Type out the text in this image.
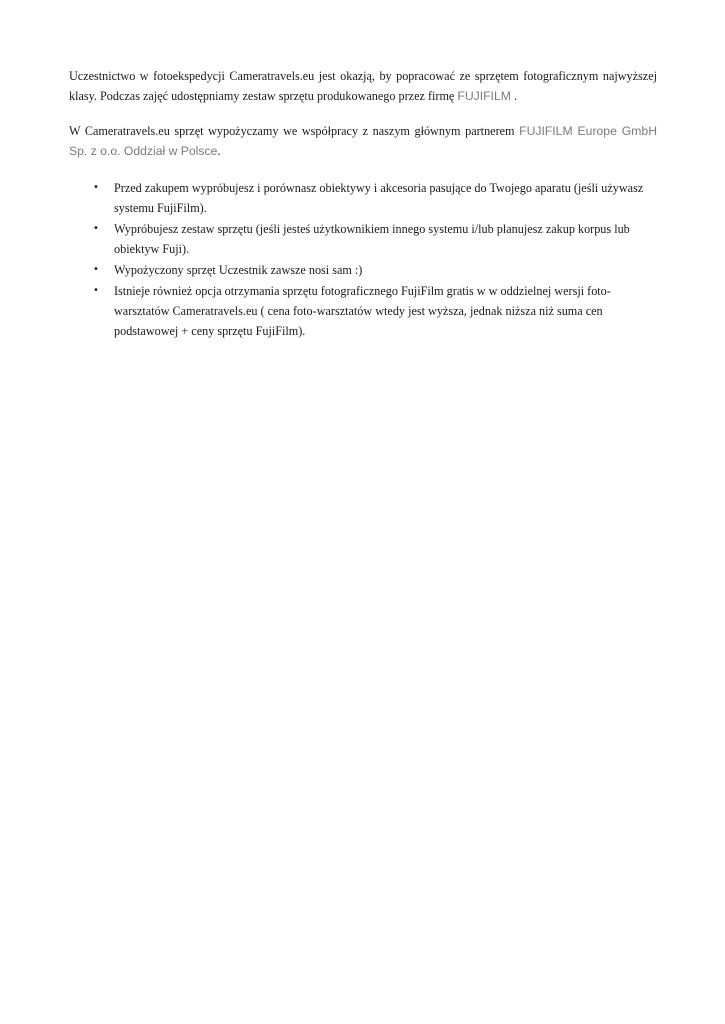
Uczestnictwo w fotoekspedycji Cameratravels.eu jest okazją, by popracować ze sprzętem fotograficznym najwyższej klasy. Podczas zajęć udostępniamy zestaw sprzętu produkowanego przez firmę FUJIFILM .

W Cameratravels.eu sprzęt wypożyczamy we współpracy z naszym głównym partnerem FUJIFILM Europe GmbH Sp. z o.o. Oddział w Polsce.

• Przed zakupem wypróbujesz i porównasz obiektywy i akcesoria pasujące do Twojego aparatu (jeśli używasz systemu FujiFilm).
• Wypróbujesz zestaw sprzętu (jeśli jesteś użytkownikiem innego systemu i/lub planujesz zakup korpus lub obiektyw Fuji).
• Wypożyczony sprzęt Uczestnik zawsze nosi sam :)
• Istnieje również opcja otrzymania sprzętu fotograficznego FujiFilm gratis w w oddzielnej wersji foto-warsztatów Cameratravels.eu ( cena foto-warsztatów wtedy jest wyższa, jednak niższa niż suma cen podstawowej + ceny sprzętu FujiFilm).
